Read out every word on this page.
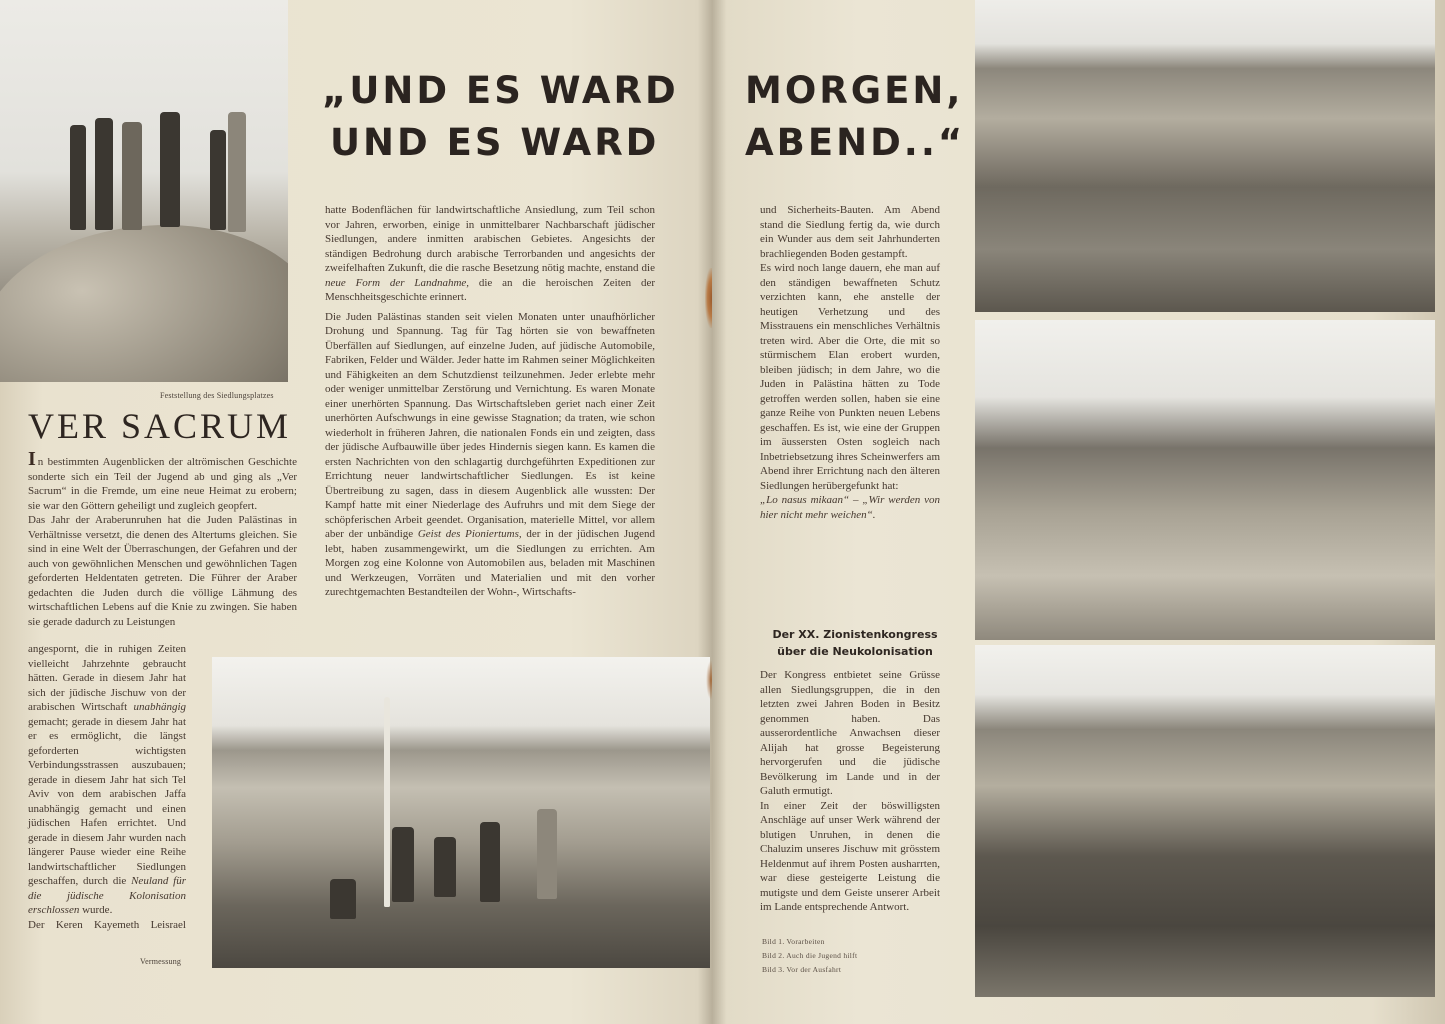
Feststellung des Siedlungsplatzes
„UND ES WARD
UND ES WARD
VER SACRUM

In bestimmten Augenblicken der altrömischen Geschichte sonderte sich ein Teil der Jugend ab und ging als „Ver Sacrum“ in die Fremde, um eine neue Heimat zu erobern; sie war den Göttern geheiligt und zugleich geopfert.

Das Jahr der Araberunruhen hat die Juden Palästinas in Verhältnisse versetzt, die denen des Altertums gleichen. Sie sind in eine Welt der Überraschungen, der Gefahren und der auch von gewöhnlichen Menschen und gewöhnlichen Tagen geforderten Heldentaten getreten. Die Führer der Araber gedachten die Juden durch die völlige Lähmung des wirtschaftlichen Lebens auf die Knie zu zwingen. Sie haben sie gerade dadurch zu Leistungen

angespornt, die in ruhigen Zeiten vielleicht Jahrzehnte gebraucht hätten. Gerade in diesem Jahr hat sich der jüdische Jischuw von der arabischen Wirtschaft unabhängig gemacht; gerade in diesem Jahr hat er es ermöglicht, die längst geforderten wichtigsten Verbindungsstrassen auszubauen; gerade in diesem Jahr hat sich Tel Aviv von dem arabischen Jaffa unabhängig gemacht und einen jüdischen Hafen errichtet. Und gerade in diesem Jahr wurden nach längerer Pause wieder eine Reihe landwirtschaftlicher Siedlungen geschaffen, durch die Neuland für die jüdische Kolonisation erschlossen wurde.

Der Keren Kayemeth Leisrael

Vermessung

hatte Bodenflächen für landwirtschaftliche Ansiedlung, zum Teil schon vor Jahren, erworben, einige in unmittelbarer Nachbarschaft jüdischer Siedlungen, andere inmitten arabischen Gebietes. Angesichts der ständigen Bedrohung durch arabische Terrorbanden und angesichts der zweifelhaften Zukunft, die die rasche Besetzung nötig machte, enstand die neue Form der Landnahme, die an die heroischen Zeiten der Menschheitsgeschichte erinnert.

Die Juden Palästinas standen seit vielen Monaten unter unaufhörlicher Drohung und Spannung. Tag für Tag hörten sie von bewaffneten Überfällen auf Siedlungen, auf einzelne Juden, auf jüdische Automobile, Fabriken, Felder und Wälder. Jeder hatte im Rahmen seiner Möglichkeiten und Fähigkeiten an dem Schutzdienst teilzunehmen. Jeder erlebte mehr oder weniger unmittelbar Zerstörung und Vernichtung. Es waren Monate einer unerhörten Spannung. Das Wirtschaftsleben geriet nach einer Zeit unerhörten Aufschwungs in eine gewisse Stagnation; da traten, wie schon wiederholt in früheren Jahren, die nationalen Fonds ein und zeigten, dass der jüdische Aufbauwille über jedes Hindernis siegen kann. Es kamen die ersten Nachrichten von den schlagartig durchgeführten Expeditionen zur Errichtung neuer landwirtschaftlicher Siedlungen. Es ist keine Übertreibung zu sagen, dass in diesem Augenblick alle wussten: Der Kampf hatte mit einer Niederlage des Aufruhrs und mit dem Siege der schöpferischen Arbeit geendet. Organisation, materielle Mittel, vor allem aber der unbändige Geist des Pioniertums, der in der jüdischen Jugend lebt, haben zusammengewirkt, um die Siedlungen zu errichten. Am Morgen zog eine Kolonne von Automobilen aus, beladen mit Maschinen und Werkzeugen, Vorräten und Materialien und mit den vorher zurechtgemachten Bestandteilen der Wohn-, Wirtschafts-

MORGEN,
ABEND..“

und Sicherheits-Bauten. Am Abend stand die Siedlung fertig da, wie durch ein Wunder aus dem seit Jahrhunderten brachliegenden Boden gestampft.

Es wird noch lange dauern, ehe man auf den ständigen bewaffneten Schutz verzichten kann, ehe anstelle der heutigen Verhetzung und des Misstrauens ein menschliches Verhältnis treten wird. Aber die Orte, die mit so stürmischem Elan erobert wurden, bleiben jüdisch; in dem Jahre, wo die Juden in Palästina hätten zu Tode getroffen werden sollen, haben sie eine ganze Reihe von Punkten neuen Lebens geschaffen. Es ist, wie eine der Gruppen im äussersten Osten sogleich nach Inbetriebsetzung ihres Scheinwerfers am Abend ihrer Errichtung nach den älteren Siedlungen herübergefunkt hat:

„Lo nasus mikaan“ – „Wir werden von hier nicht mehr weichen“.

Der XX. Zionistenkongress
über die Neukolonisation

Der Kongress entbietet seine Grüsse allen Siedlungsgruppen, die in den letzten zwei Jahren Boden in Besitz genommen haben. Das ausserordentliche Anwachsen dieser Alijah hat grosse Begeisterung hervorgerufen und die jüdische Bevölkerung im Lande und in der Galuth ermutigt.

In einer Zeit der böswilligsten Anschläge auf unser Werk während der blutigen Unruhen, in denen die Chaluzim unseres Jischuw mit grösstem Heldenmut auf ihrem Posten ausharrten, war diese gesteigerte Leistung die mutigste und dem Geiste unserer Arbeit im Lande entsprechende Antwort.

Bild 1. Vorarbeiten
Bild 2. Auch die Jugend hilft
Bild 3. Vor der Ausfahrt
